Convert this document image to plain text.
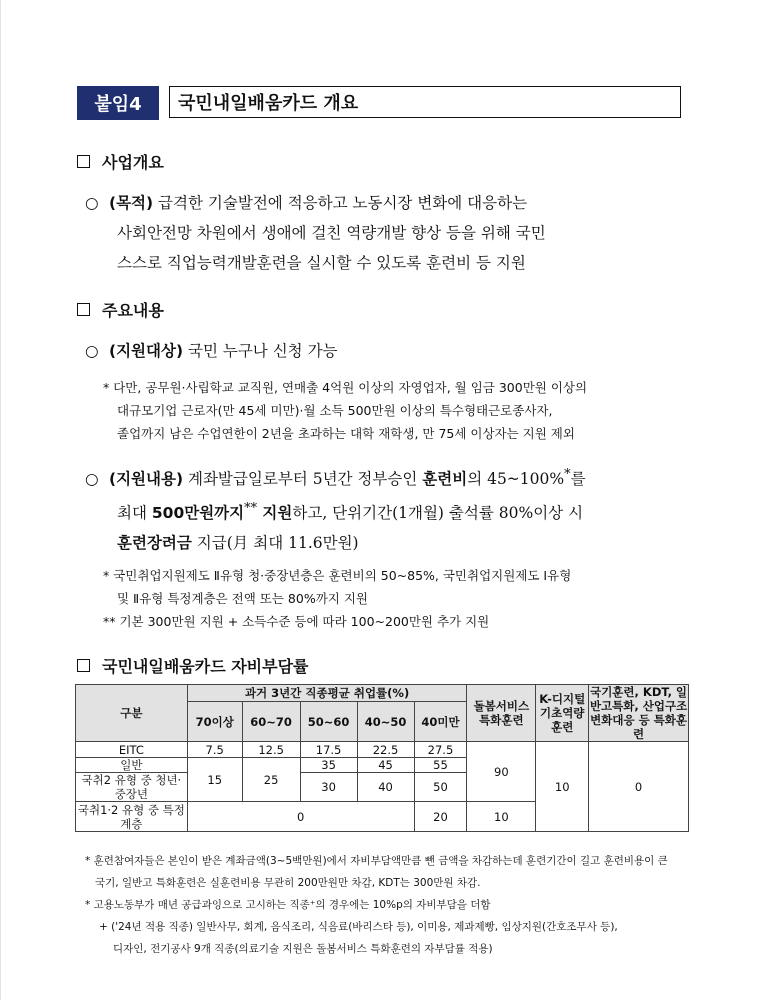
붙임4	국민내일배움카드 개요
사업개요
○ (목적) 급격한 기술발전에 적응하고 노동시장 변화에 대응하는
사회안전망 차원에서 생애에 걸친 역량개발 향상 등을 위해 국민
스스로 직업능력개발훈련을 실시할 수 있도록 훈련비 등 지원
주요내용
○ (지원대상) 국민 누구나 신청 가능
* 다만, 공무원·사립학교 교직원, 연매출 4억원 이상의 자영업자, 월 임금 300만원 이상의
대규모기업 근로자(만 45세 미만)·월 소득 500만원 이상의 특수형태근로종사자,
졸업까지 남은 수업연한이 2년을 초과하는 대학 재학생, 만 75세 이상자는 지원 제외
○ (지원내용) 계좌발급일로부터 5년간 정부승인 훈련비의 45~100%*를
최대 500만원까지** 지원하고, 단위기간(1개월) 출석률 80%이상 시
훈련장려금 지급(月 최대 11.6만원)
* 국민취업지원제도 Ⅱ유형 청·중장년층은 훈련비의 50~85%, 국민취업지원제도 Ⅰ유형
및 Ⅱ유형 특정계층은 전액 또는 80%까지 지원
** 기본 300만원 지원 + 소득수준 등에 따라 100~200만원 추가 지원
국민내일배움카드 자비부담률
구분	과거 3년간 직종평균 취업률(%)					돌봄서비스 특화훈련	K-디지털 기초역량 훈련	국기훈련, KDT, 일반고특화, 산업구조변화대응 등 특화훈련
	70이상	60~70	50~60	40~50	40미만			
EITC	7.5	12.5	17.5	22.5	27.5	90	10	0
일반	15	25	35	45	55			
국취2 유형 중 청년·중장년			30	40	50			
국취1·2 유형 중 특정 계층	0				20	10		
* 훈련참여자들은 본인이 받은 계좌금액(3~5백만원)에서 자비부담액만큼 뺀 금액을 차감하는데 훈련기간이 길고 훈련비용이 큰
국기, 일반고 특화훈련은 실훈련비용 무관히 200만원만 차감, KDT는 300만원 차감.
* 고용노동부가 매년 공급과잉으로 고시하는 직종⁺의 경우에는 10%p의 자비부담을 더함
+ ('24년 적용 직종) 일반사무, 회계, 음식조리, 식음료(바리스타 등), 이미용, 제과제빵, 임상지원(간호조무사 등),
디자인, 전기공사 9개 직종(의료기술 지원은 돌봄서비스 특화훈련의 자부담률 적용)
